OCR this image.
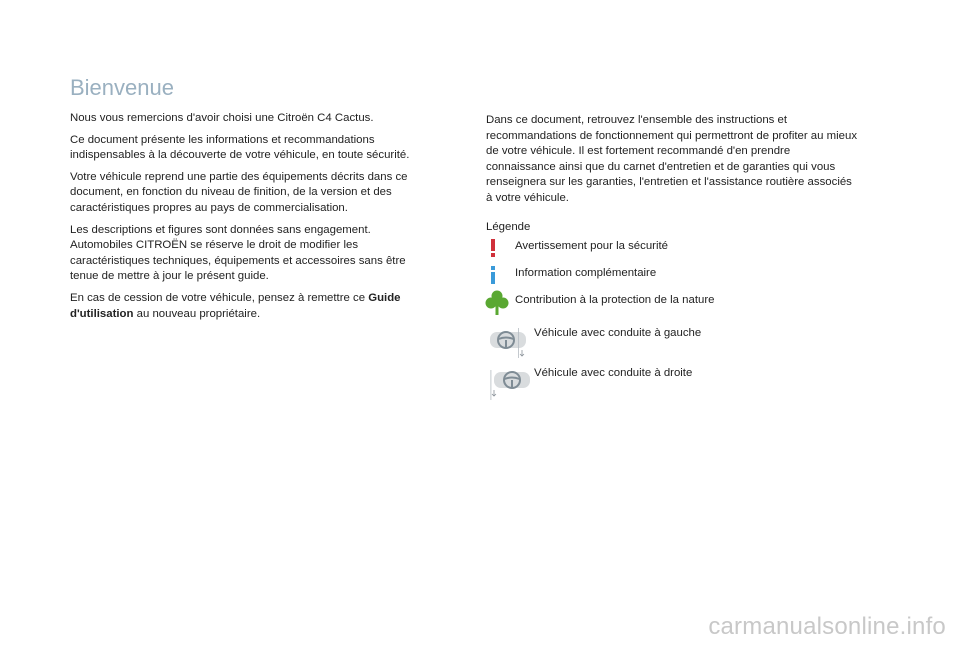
Bienvenue

Nous vous remercions d'avoir choisi une Citroën C4 Cactus.

Ce document présente les informations et recommandations indispensables à la découverte de votre véhicule, en toute sécurité.

Votre véhicule reprend une partie des équipements décrits dans ce document, en fonction du niveau de finition, de la version et des caractéristiques propres au pays de commercialisation.

Les descriptions et figures sont données sans engagement. Automobiles CITROËN se réserve le droit de modifier les caractéristiques techniques, équipements et accessoires sans être tenue de mettre à jour le présent guide.

En cas de cession de votre véhicule, pensez à remettre ce Guide d'utilisation au nouveau propriétaire.

Dans ce document, retrouvez l'ensemble des instructions et recommandations de fonctionnement qui permettront de profiter au mieux de votre véhicule. Il est fortement recommandé d'en prendre connaissance ainsi que du carnet d'entretien et de garanties qui vous renseignera sur les garanties, l'entretien et l'assistance routière associés à votre véhicule.

Légende
Avertissement pour la sécurité
Information complémentaire
Contribution à la protection de la nature
Véhicule avec conduite à gauche
Véhicule avec conduite à droite
carmanualsonline.info
